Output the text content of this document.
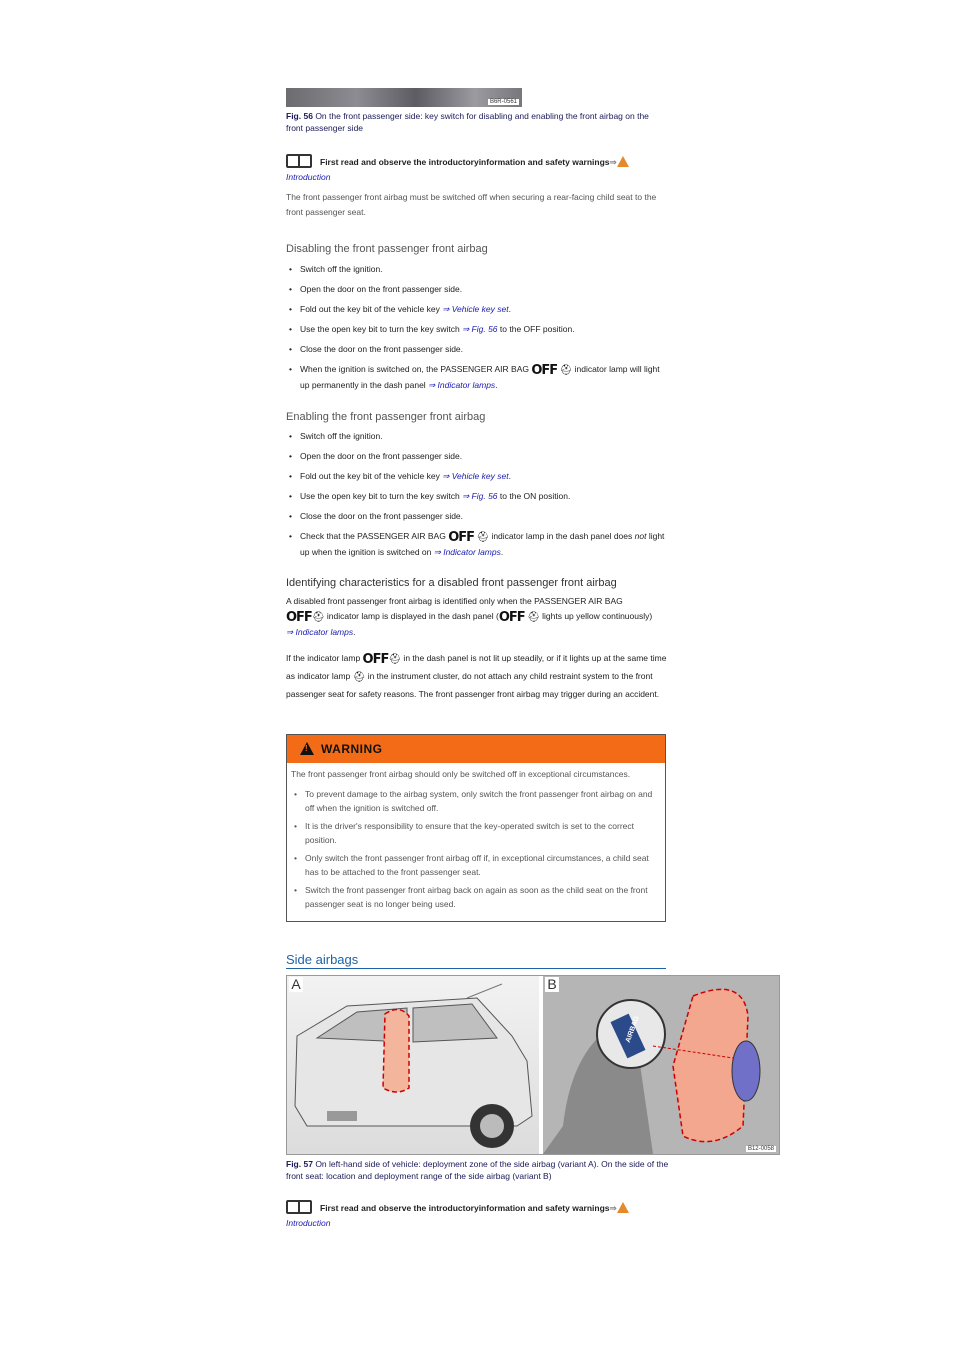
B6R-0561
Fig. 56 On the front passenger side: key switch for disabling and enabling the front airbag on the front passenger side
First read and observe the introductoryinformation and safety warnings⇒
Introduction
The front passenger front airbag must be switched off when securing a rear-facing child seat to the front passenger seat.
Disabling the front passenger front airbag
• Switch off the ignition.
• Open the door on the front passenger side.
• Fold out the key bit of the vehicle key ⇒ Vehicle key set.
• Use the open key bit to turn the key switch ⇒ Fig. 56 to the OFF position.
• Close the door on the front passenger side.
• When the ignition is switched on, the PASSENGER AIR BAG OFF ⛑ indicator lamp will light up permanently in the dash panel ⇒ Indicator lamps.
Enabling the front passenger front airbag
• Switch off the ignition.
• Open the door on the front passenger side.
• Fold out the key bit of the vehicle key ⇒ Vehicle key set.
• Use the open key bit to turn the key switch ⇒ Fig. 56 to the ON position.
• Close the door on the front passenger side.
• Check that the PASSENGER AIR BAG OFF ⛑ indicator lamp in the dash panel does not light up when the ignition is switched on ⇒ Indicator lamps.
Identifying characteristics for a disabled front passenger front airbag
A disabled front passenger front airbag is identified only when the PASSENGER AIR BAG
OFF⛑ indicator lamp is displayed in the dash panel (OFF ⛑ lights up yellow continuously)
⇒ Indicator lamps.
If the indicator lamp OFF⛑ in the dash panel is not lit up steadily, or if it lights up at the same time as indicator lamp ⛑ in the instrument cluster, do not attach any child restraint system to the front passenger seat for safety reasons. The front passenger front airbag may trigger during an accident.
!
WARNING
The front passenger front airbag should only be switched off in exceptional circumstances.
• To prevent damage to the airbag system, only switch the front passenger front airbag on and off when the ignition is switched off.
• It is the driver's responsibility to ensure that the key-operated switch is set to the correct position.
• Only switch the front passenger front airbag off if, in exceptional circumstances, a child seat has to be attached to the front passenger seat.
• Switch the front passenger front airbag back on again as soon as the child seat on the front passenger seat is no longer being used.
Side airbags
A	B
AIRBAG
B12-0058
Fig. 57 On left-hand side of vehicle: deployment zone of the side airbag (variant A). On the side of the front seat: location and deployment range of the side airbag (variant B)
First read and observe the introductoryinformation and safety warnings⇒
Introduction
